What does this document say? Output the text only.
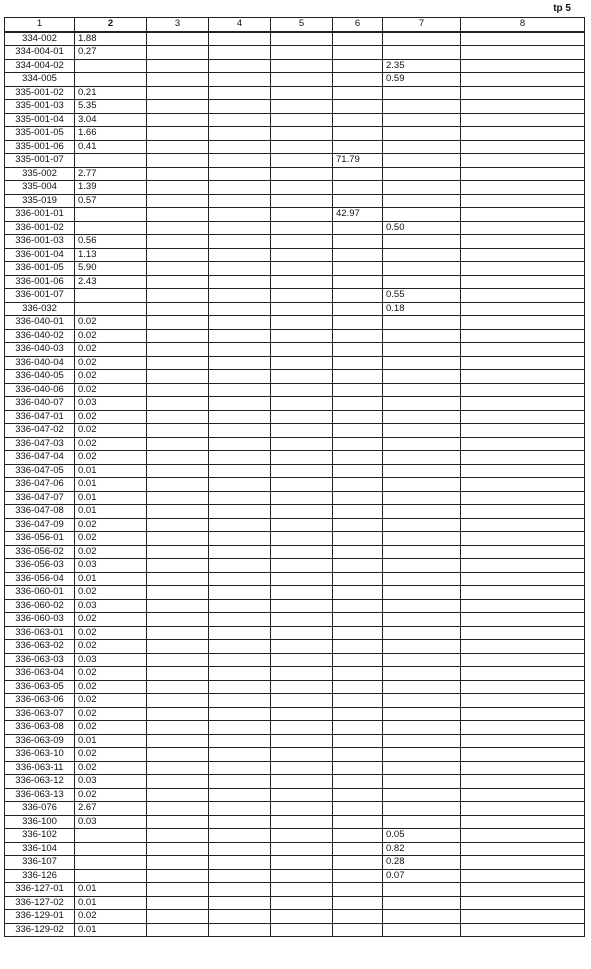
tp 5
1	2	3	4	5	6	7	8
334-002	1.88						
334-004-01	0.27						
334-004-02						2.35	
334-005						0.59	
335-001-02	0.21						
335-001-03	5.35						
335-001-04	3.04						
335-001-05	1.66						
335-001-06	0.41						
335-001-07					71.79		
335-002	2.77						
335-004	1.39						
335-019	0.57						
336-001-01					42.97		
336-001-02						0.50	
336-001-03	0.56						
336-001-04	1.13						
336-001-05	5.90						
336-001-06	2.43						
336-001-07						0.55	
336-032						0.18	
336-040-01	0.02						
336-040-02	0.02						
336-040-03	0.02						
336-040-04	0.02						
336-040-05	0.02						
336-040-06	0.02						
336-040-07	0.03						
336-047-01	0.02						
336-047-02	0.02						
336-047-03	0.02						
336-047-04	0.02						
336-047-05	0.01						
336-047-06	0.01						
336-047-07	0.01						
336-047-08	0.01						
336-047-09	0.02						
336-056-01	0.02						
336-056-02	0.02						
336-056-03	0.03						
336-056-04	0.01						
336-060-01	0.02						
336-060-02	0.03						
336-060-03	0.02						
336-063-01	0.02						
336-063-02	0.02						
336-063-03	0.03						
336-063-04	0.02						
336-063-05	0.02						
336-063-06	0.02						
336-063-07	0.02						
336-063-08	0.02						
336-063-09	0.01						
336-063-10	0.02						
336-063-11	0.02						
336-063-12	0.03						
336-063-13	0.02						
336-076	2.67						
336-100	0.03						
336-102						0.05	
336-104						0.82	
336-107						0.28	
336-126						0.07	
336-127-01	0.01						
336-127-02	0.01						
336-129-01	0.02						
336-129-02	0.01						
